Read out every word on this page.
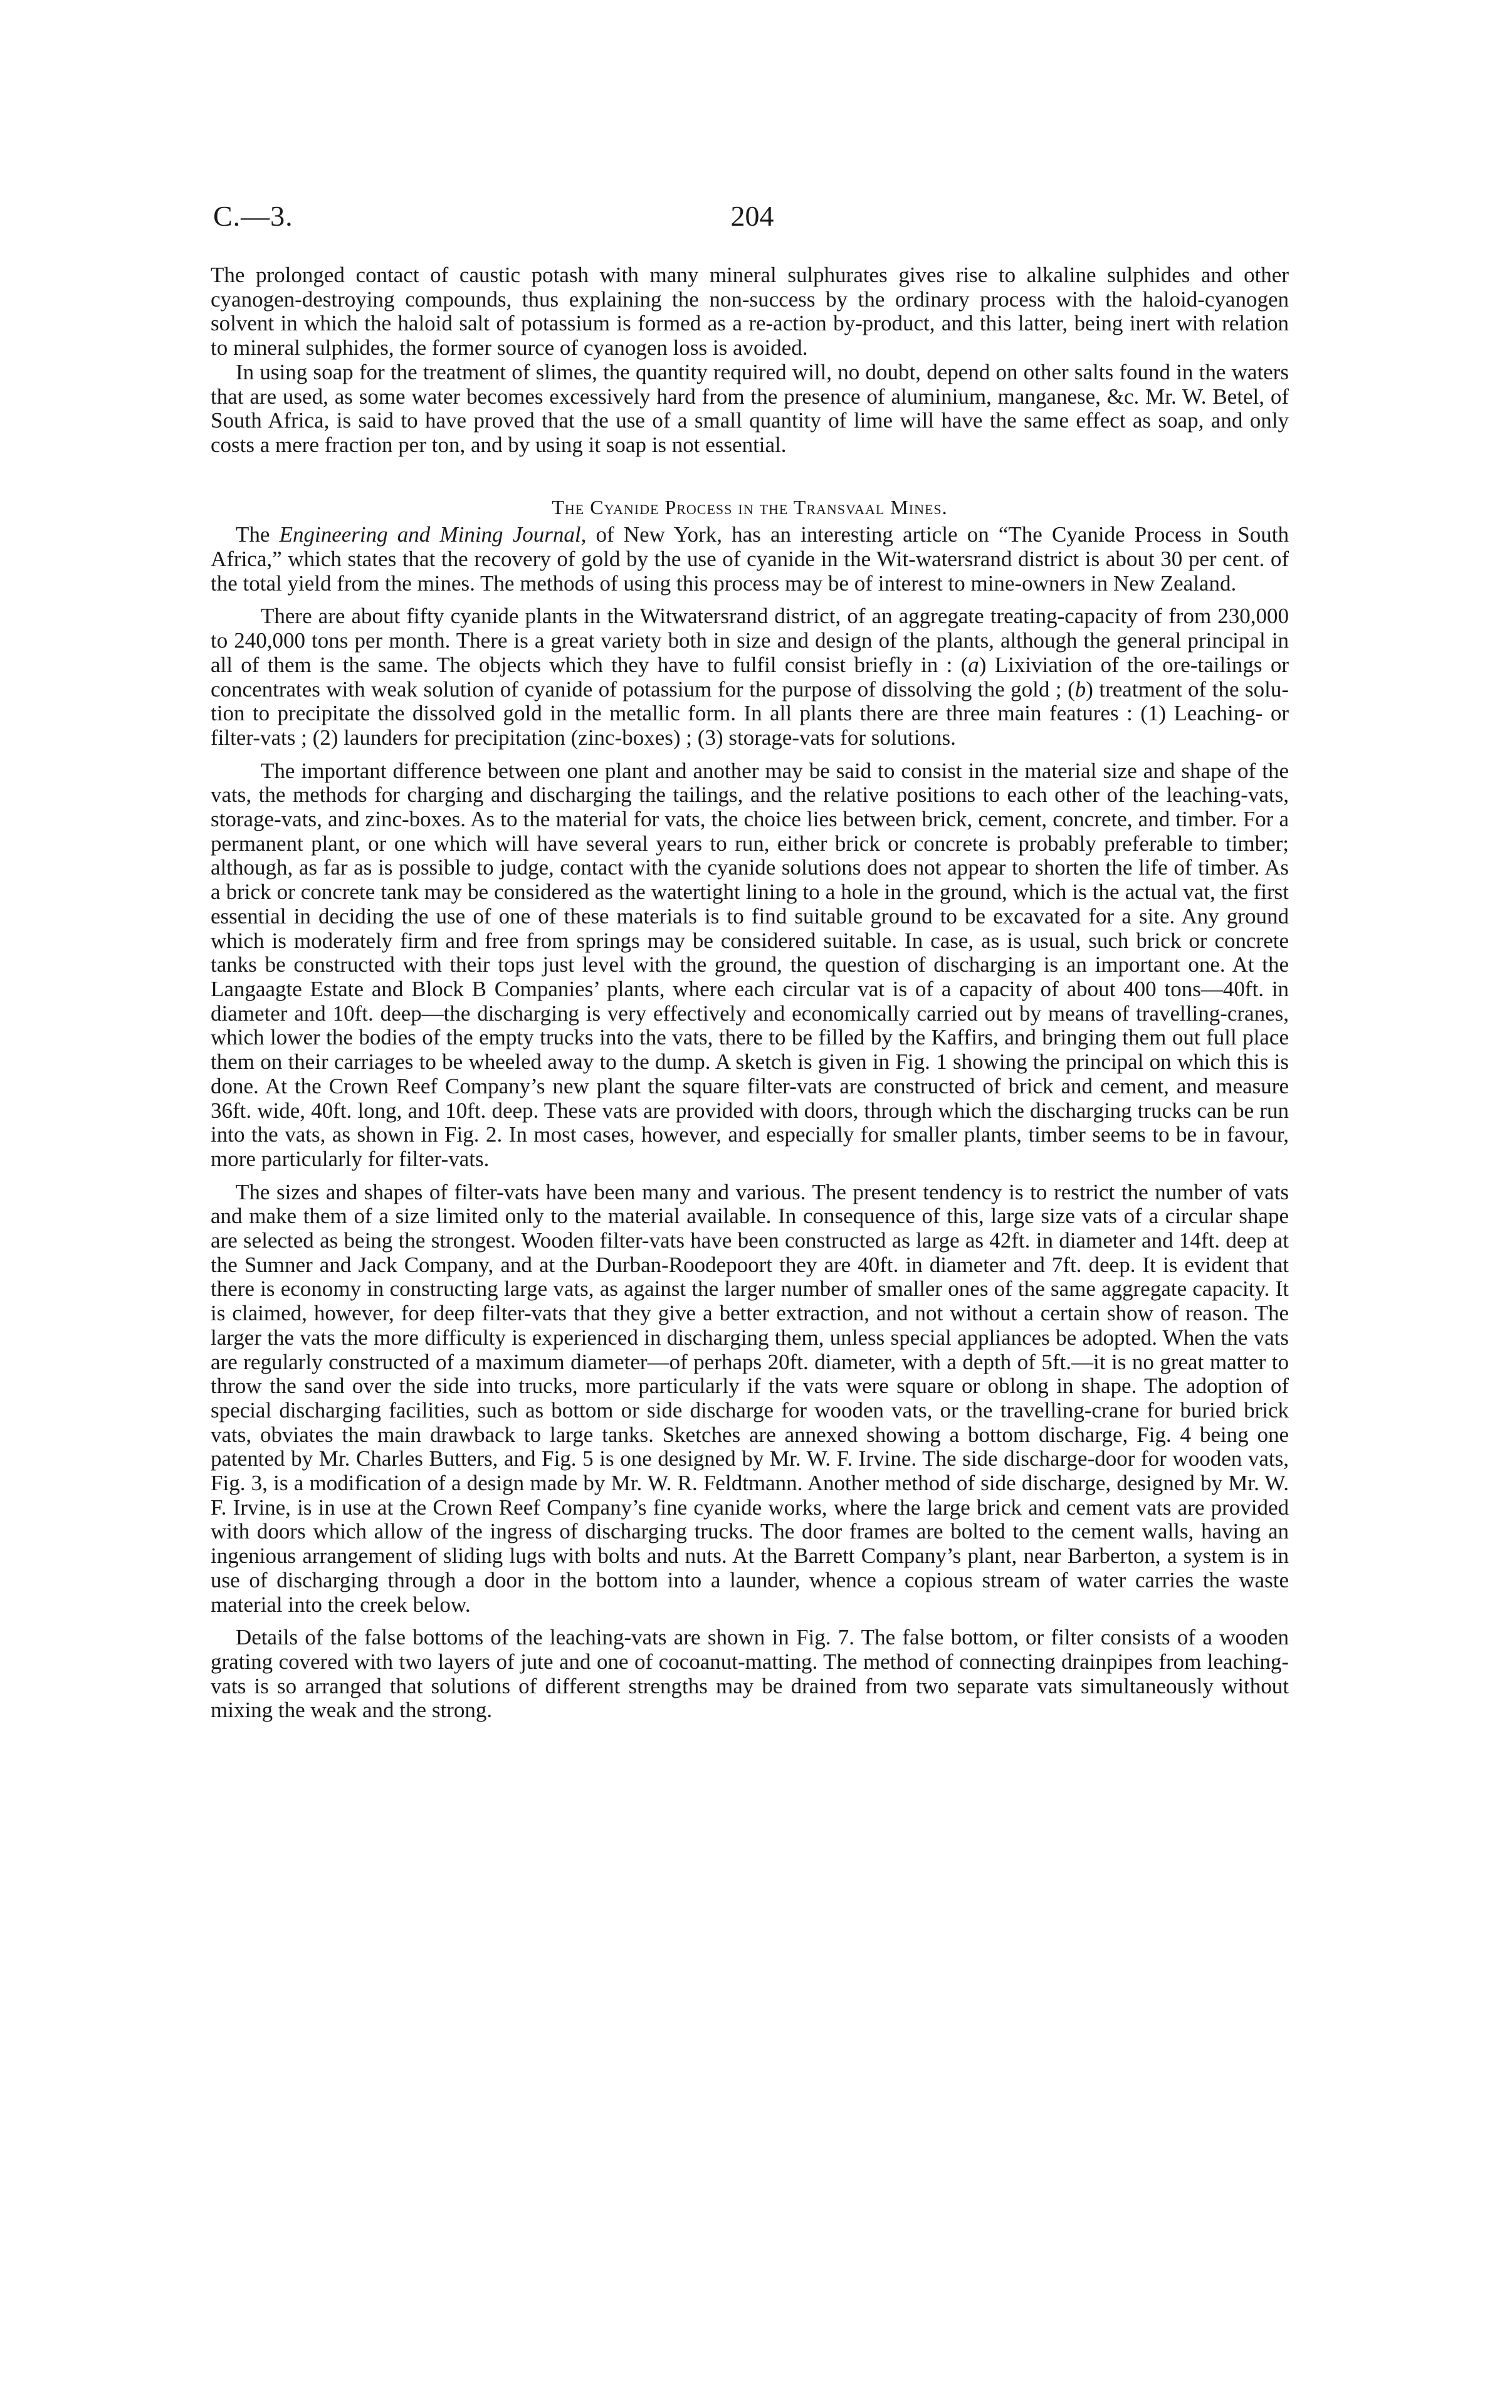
C.—3.	204

The prolonged contact of caustic potash with many mineral sulphurates gives rise to alkaline sulphides and other cyanogen-destroying compounds, thus explaining the non-success by the ordinary process with the haloid-cyanogen solvent in which the haloid salt of potassium is formed as a re-action by-product, and this latter, being inert with relation to mineral sulphides, the former source of cyanogen loss is avoided.

In using soap for the treatment of slimes, the quantity required will, no doubt, depend on other salts found in the waters that are used, as some water becomes excessively hard from the presence of aluminium, manganese, &c. Mr. W. Betel, of South Africa, is said to have proved that the use of a small quantity of lime will have the same effect as soap, and only costs a mere fraction per ton, and by using it soap is not essential.

The Cyanide Process in the Transvaal Mines.

The Engineering and Mining Journal, of New York, has an interesting article on “The Cyanide Process in South Africa,” which states that the recovery of gold by the use of cyanide in the Wit-watersrand district is about 30 per cent. of the total yield from the mines. The methods of using this process may be of interest to mine-owners in New Zealand.

There are about fifty cyanide plants in the Witwatersrand district, of an aggregate treating-capacity of from 230,000 to 240,000 tons per month. There is a great variety both in size and design of the plants, although the general principal in all of them is the same. The objects which they have to fulfil consist briefly in : (a) Lixiviation of the ore-tailings or concentrates with weak solution of cyanide of potassium for the purpose of dissolving the gold ; (b) treatment of the solu-tion to precipitate the dissolved gold in the metallic form. In all plants there are three main features : (1) Leaching- or filter-vats ; (2) launders for precipitation (zinc-boxes) ; (3) storage-vats for solutions.

The important difference between one plant and another may be said to consist in the material size and shape of the vats, the methods for charging and discharging the tailings, and the relative positions to each other of the leaching-vats, storage-vats, and zinc-boxes. As to the material for vats, the choice lies between brick, cement, concrete, and timber. For a permanent plant, or one which will have several years to run, either brick or concrete is probably preferable to timber; although, as far as is possible to judge, contact with the cyanide solutions does not appear to shorten the life of timber. As a brick or concrete tank may be considered as the watertight lining to a hole in the ground, which is the actual vat, the first essential in deciding the use of one of these materials is to find suitable ground to be excavated for a site. Any ground which is moderately firm and free from springs may be considered suitable. In case, as is usual, such brick or concrete tanks be constructed with their tops just level with the ground, the question of discharging is an important one. At the Langaagte Estate and Block B Companies’ plants, where each circular vat is of a capacity of about 400 tons—40ft. in diameter and 10ft. deep—the discharging is very effectively and economically carried out by means of travelling-cranes, which lower the bodies of the empty trucks into the vats, there to be filled by the Kaffirs, and bringing them out full place them on their carriages to be wheeled away to the dump. A sketch is given in Fig. 1 showing the principal on which this is done. At the Crown Reef Company’s new plant the square filter-vats are constructed of brick and cement, and measure 36ft. wide, 40ft. long, and 10ft. deep. These vats are provided with doors, through which the discharging trucks can be run into the vats, as shown in Fig. 2. In most cases, however, and especially for smaller plants, timber seems to be in favour, more particularly for filter-vats.

The sizes and shapes of filter-vats have been many and various. The present tendency is to restrict the number of vats and make them of a size limited only to the material available. In consequence of this, large size vats of a circular shape are selected as being the strongest. Wooden filter-vats have been constructed as large as 42ft. in diameter and 14ft. deep at the Sumner and Jack Company, and at the Durban-Roodepoort they are 40ft. in diameter and 7ft. deep. It is evident that there is economy in constructing large vats, as against the larger number of smaller ones of the same aggregate capacity. It is claimed, however, for deep filter-vats that they give a better extraction, and not without a certain show of reason. The larger the vats the more difficulty is experienced in discharging them, unless special appliances be adopted. When the vats are regularly constructed of a maximum diameter—of perhaps 20ft. diameter, with a depth of 5ft.—it is no great matter to throw the sand over the side into trucks, more particularly if the vats were square or oblong in shape. The adoption of special discharging facilities, such as bottom or side discharge for wooden vats, or the travelling-crane for buried brick vats, obviates the main drawback to large tanks. Sketches are annexed showing a bottom discharge, Fig. 4 being one patented by Mr. Charles Butters, and Fig. 5 is one designed by Mr. W. F. Irvine. The side discharge-door for wooden vats, Fig. 3, is a modification of a design made by Mr. W. R. Feldtmann. Another method of side discharge, designed by Mr. W. F. Irvine, is in use at the Crown Reef Company’s fine cyanide works, where the large brick and cement vats are provided with doors which allow of the ingress of discharging trucks. The door frames are bolted to the cement walls, having an ingenious arrangement of sliding lugs with bolts and nuts. At the Barrett Company’s plant, near Barberton, a system is in use of discharging through a door in the bottom into a launder, whence a copious stream of water carries the waste material into the creek below.

Details of the false bottoms of the leaching-vats are shown in Fig. 7. The false bottom, or filter consists of a wooden grating covered with two layers of jute and one of cocoanut-matting. The method of connecting drainpipes from leaching-vats is so arranged that solutions of different strengths may be drained from two separate vats simultaneously without mixing the weak and the strong.
